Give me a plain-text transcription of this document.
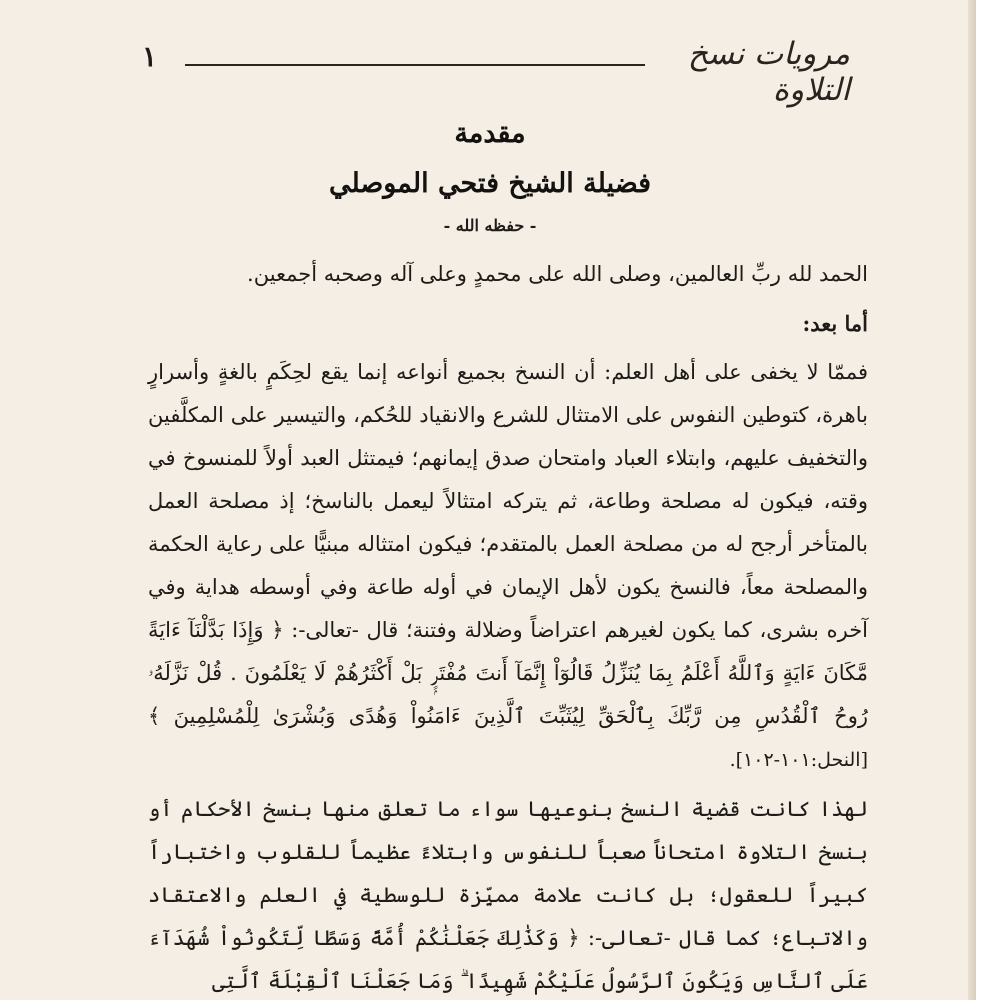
١	مرويات نسخ التلاوة
مقدمة
فضيلة الشيخ فتحي الموصلي
- حفظه الله -

الحمد لله ربِّ العالمين، وصلى الله على محمدٍ وعلى آله وصحبه أجمعين.

أما بعد:

فممّا لا يخفى على أهل العلم: أن النسخ بجميع أنواعه إنما يقع لحِكَمٍ بالغةٍ وأسرارٍ باهرة، كتوطين النفوس على الامتثال للشرع والانقياد للحُكم، والتيسير على المكلَّفين والتخفيف عليهم، وابتلاء العباد وامتحان صدق إيمانهم؛ فيمتثل العبد أولاً للمنسوخ في وقته، فيكون له مصلحة وطاعة، ثم يتركه امتثالاً ليعمل بالناسخ؛ إذ مصلحة العمل بالمتأخر أرجح له من مصلحة العمل بالمتقدم؛ فيكون امتثاله مبنيًّا على رعاية الحكمة والمصلحة معاً، فالنسخ يكون لأهل الإيمان في أوله طاعة وفي أوسطه هداية وفي آخره بشرى، كما يكون لغيرهم اعتراضاً وضلالة وفتنة؛ قال -تعالى-: ﴿ وَإِذَا بَدَّلْنَآ ءَايَةً مَّكَانَ ءَايَةٍ وَٱللَّهُ أَعْلَمُ بِمَا يُنَزِّلُ قَالُوٓاْ إِنَّمَآ أَنتَ مُفْتَرٍۭ بَلْ أَكْثَرُهُمْ لَا يَعْلَمُونَ . قُلْ نَزَّلَهُۥ رُوحُ ٱلْقُدُسِ مِن رَّبِّكَ بِٱلْحَقِّ لِيُثَبِّتَ ٱلَّذِينَ ءَامَنُواْ وَهُدًى وَبُشْرَىٰ لِلْمُسْلِمِينَ ﴾ [النحل:١٠١-١٠٢].

لهذا كانت قضية النسخ بنوعيها سواء ما تعلق منها بنسخ الأحكام أو بنسخ التلاوة امتحاناً صعباً للنفوس وابتلاءً عظيماً للقلوب واختباراً كبيراً للعقول؛ بل كانت علامة مميِّزة للوسطية في العلم والاعتقاد والاتباع؛ كما قال -تعالى-: ﴿ وَكَذَٰلِكَ جَعَلْنَٰكُمْ أُمَّةً وَسَطًا لِّتَكُونُواْ شُهَدَآءَ عَلَى ٱلنَّاسِ وَيَكُونَ ٱلرَّسُولُ عَلَيْكُمْ شَهِيدًا ۗ وَمَا جَعَلْنَا ٱلْقِبْلَةَ ٱلَّتِى
